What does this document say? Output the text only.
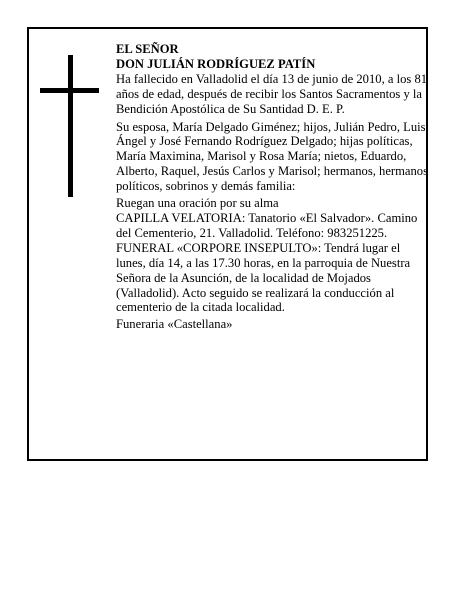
EL SEÑOR

DON JULIÁN RODRÍGUEZ PATÍN

Ha fallecido en Valladolid el día 13 de junio de 2010, a los 81 años de edad, después de recibir los Santos Sacramentos y la Bendición Apostólica de Su Santidad D. E. P.

Su esposa, María Delgado Giménez; hijos, Julián Pedro, Luis Ángel y José Fernando Rodríguez Delgado; hijas políticas, María Maximina, Marisol y Rosa María; nietos, Eduardo, Alberto, Raquel, Jesús Carlos y Marisol; hermanos, hermanos políticos, sobrinos y demás familia:

Ruegan una oración por su alma

CAPILLA VELATORIA: Tanatorio «El Salvador». Camino del Cementerio, 21. Valladolid. Teléfono: 983251225.

FUNERAL «CORPORE INSEPULTO»: Tendrá lugar el lunes, día 14, a las 17.30 horas, en la parroquia de Nuestra Señora de la Asunción, de la localidad de Mojados (Valladolid). Acto seguido se realizará la conducción al cementerio de la citada localidad.

Funeraria «Castellana»
